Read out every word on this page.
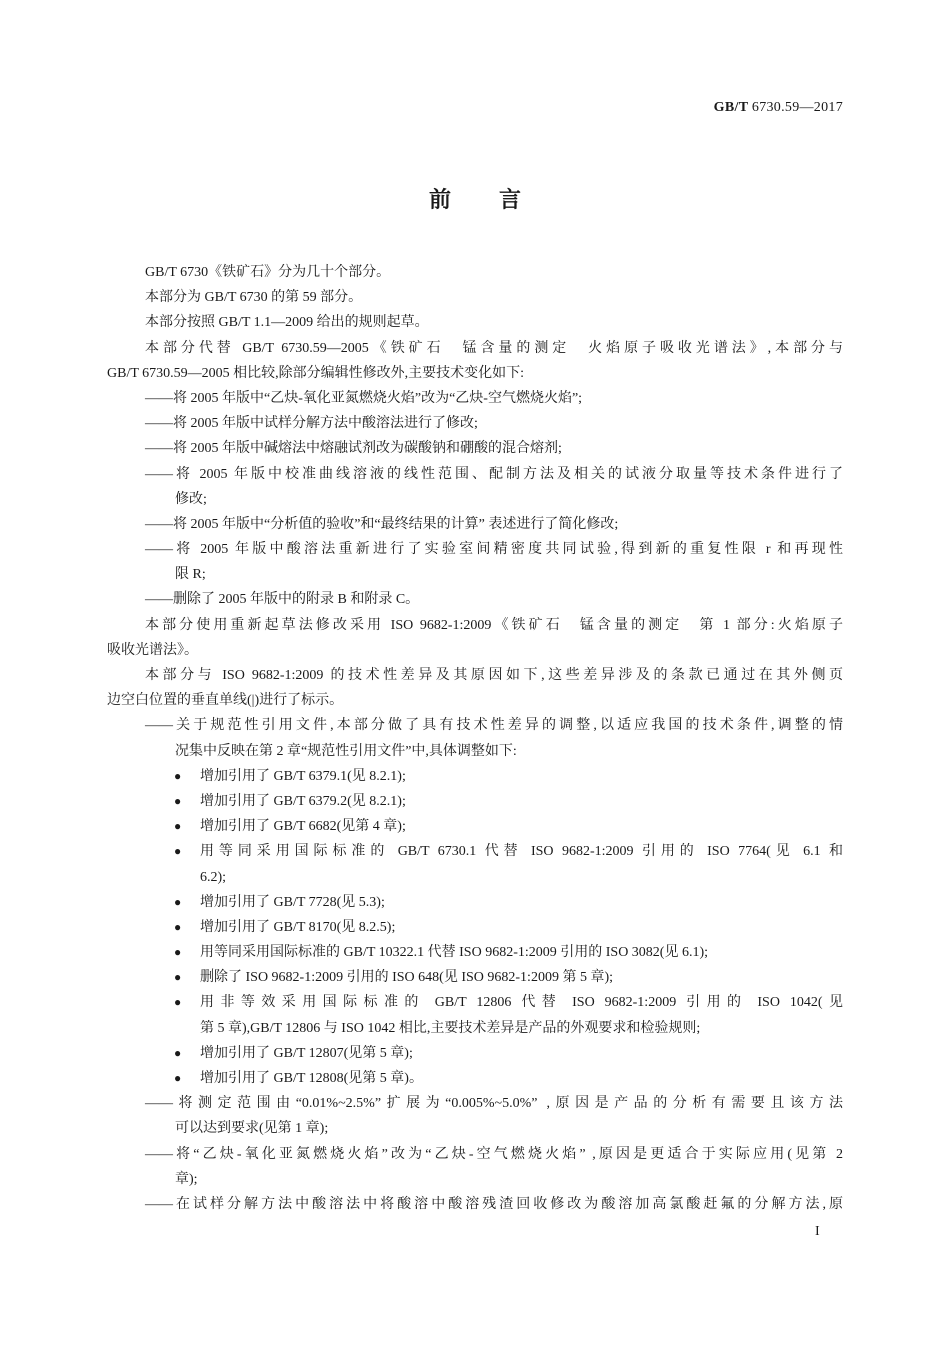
GB/T 6730.59—2017
前言
GB/T 6730《铁矿石》分为几十个部分。
本部分为 GB/T 6730 的第 59 部分。
本部分按照 GB/T 1.1—2009 给出的规则起草。
本部分代替 GB/T 6730.59—2005《铁矿石　锰含量的测定　火焰原子吸收光谱法》,本部分与
GB/T 6730.59—2005 相比较,除部分编辑性修改外,主要技术变化如下:
——将 2005 年版中“乙炔-氧化亚氮燃烧火焰”改为“乙炔-空气燃烧火焰”;
——将 2005 年版中试样分解方法中酸溶法进行了修改;
——将 2005 年版中碱熔法中熔融试剂改为碳酸钠和硼酸的混合熔剂;
——将 2005 年版中校准曲线溶液的线性范围、配制方法及相关的试液分取量等技术条件进行了
修改;
——将 2005 年版中“分析值的验收”和“最终结果的计算” 表述进行了简化修改;
——将 2005 年版中酸溶法重新进行了实验室间精密度共同试验,得到新的重复性限 r 和再现性
限 R;
——删除了 2005 年版中的附录 B 和附录 C。
本部分使用重新起草法修改采用 ISO 9682-1:2009《铁矿石　锰含量的测定　第 1 部分:火焰原子
吸收光谱法》。
本部分与 ISO 9682-1:2009 的技术性差异及其原因如下,这些差异涉及的条款已通过在其外侧页
边空白位置的垂直单线(|)进行了标示。
——关于规范性引用文件,本部分做了具有技术性差异的调整,以适应我国的技术条件,调整的情
况集中反映在第 2 章“规范性引用文件”中,具体调整如下:
● 增加引用了 GB/T 6379.1(见 8.2.1);
● 增加引用了 GB/T 6379.2(见 8.2.1);
● 增加引用了 GB/T 6682(见第 4 章);
● 用等同采用国际标准的 GB/T 6730.1 代替 ISO 9682-1:2009 引用的 ISO 7764(见 6.1 和
6.2);
● 增加引用了 GB/T 7728(见 5.3);
● 增加引用了 GB/T 8170(见 8.2.5);
● 用等同采用国际标准的 GB/T 10322.1 代替 ISO 9682-1:2009 引用的 ISO 3082(见 6.1);
● 删除了 ISO 9682-1:2009 引用的 ISO 648(见 ISO 9682-1:2009 第 5 章);
● 用非等效采用国际标准的 GB/T 12806 代替 ISO 9682-1:2009 引用的 ISO 1042(见
第 5 章),GB/T 12806 与 ISO 1042 相比,主要技术差异是产品的外观要求和检验规则;
● 增加引用了 GB/T 12807(见第 5 章);
● 增加引用了 GB/T 12808(见第 5 章)。
——将测定范围由“0.01%~2.5%”扩展为“0.005%~5.0%” ,原因是产品的分析有需要且该方法
可以达到要求(见第 1 章);
——将“乙炔-氧化亚氮燃烧火焰”改为“乙炔-空气燃烧火焰” ,原因是更适合于实际应用(见第 2
章);
——在试样分解方法中酸溶法中将酸溶中酸溶残渣回收修改为酸溶加高氯酸赶氟的分解方法,原
I
